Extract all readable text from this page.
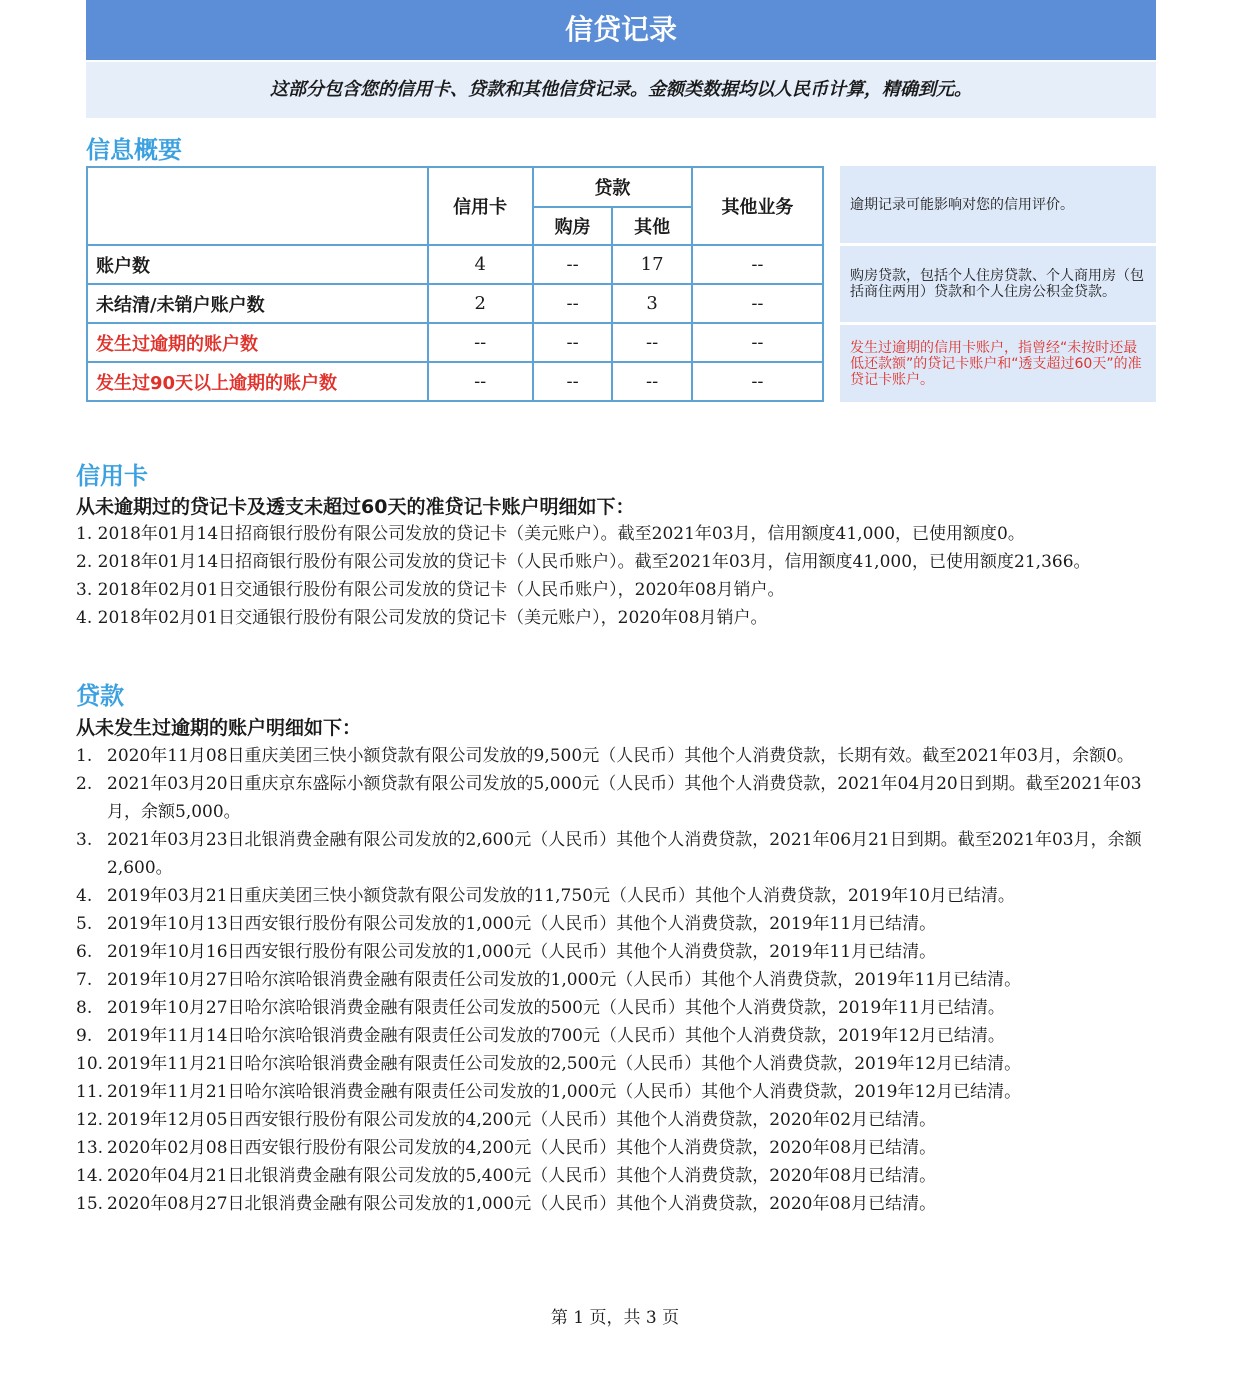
信贷记录
这部分包含您的信用卡、贷款和其他信贷记录。金额类数据均以人民币计算，精确到元。
信息概要
	信用卡	贷款		其他业务
		购房	其他	
账户数	4	--	17	--
未结清/未销户账户数	2	--	3	--
发生过逾期的账户数	--	--	--	--
发生过90天以上逾期的账户数	--	--	--	--
逾期记录可能影响对您的信用评价。
购房贷款，包括个人住房贷款、个人商用房（包括商住两用）贷款和个人住房公积金贷款。
发生过逾期的信用卡账户，指曾经“未按时还最低还款额”的贷记卡账户和“透支超过60天”的准贷记卡账户。
信用卡
从未逾期过的贷记卡及透支未超过60天的准贷记卡账户明细如下：
1. 2018年01月14日招商银行股份有限公司发放的贷记卡（美元账户）。截至2021年03月，信用额度41,000，已使用额度0。
2. 2018年01月14日招商银行股份有限公司发放的贷记卡（人民币账户）。截至2021年03月，信用额度41,000，已使用额度21,366。
3. 2018年02月01日交通银行股份有限公司发放的贷记卡（人民币账户），2020年08月销户。
4. 2018年02月01日交通银行股份有限公司发放的贷记卡（美元账户），2020年08月销户。
贷款
从未发生过逾期的账户明细如下：
1. 2020年11月08日重庆美团三快小额贷款有限公司发放的9,500元（人民币）其他个人消费贷款，长期有效。截至2021年03月，余额0。
2. 2021年03月20日重庆京东盛际小额贷款有限公司发放的5,000元（人民币）其他个人消费贷款，2021年04月20日到期。截至2021年03月，余额5,000。
3. 2021年03月23日北银消费金融有限公司发放的2,600元（人民币）其他个人消费贷款，2021年06月21日到期。截至2021年03月，余额2,600。
4. 2019年03月21日重庆美团三快小额贷款有限公司发放的11,750元（人民币）其他个人消费贷款，2019年10月已结清。
5. 2019年10月13日西安银行股份有限公司发放的1,000元（人民币）其他个人消费贷款，2019年11月已结清。
6. 2019年10月16日西安银行股份有限公司发放的1,000元（人民币）其他个人消费贷款，2019年11月已结清。
7. 2019年10月27日哈尔滨哈银消费金融有限责任公司发放的1,000元（人民币）其他个人消费贷款，2019年11月已结清。
8. 2019年10月27日哈尔滨哈银消费金融有限责任公司发放的500元（人民币）其他个人消费贷款，2019年11月已结清。
9. 2019年11月14日哈尔滨哈银消费金融有限责任公司发放的700元（人民币）其他个人消费贷款，2019年12月已结清。
10. 2019年11月21日哈尔滨哈银消费金融有限责任公司发放的2,500元（人民币）其他个人消费贷款，2019年12月已结清。
11. 2019年11月21日哈尔滨哈银消费金融有限责任公司发放的1,000元（人民币）其他个人消费贷款，2019年12月已结清。
12. 2019年12月05日西安银行股份有限公司发放的4,200元（人民币）其他个人消费贷款，2020年02月已结清。
13. 2020年02月08日西安银行股份有限公司发放的4,200元（人民币）其他个人消费贷款，2020年08月已结清。
14. 2020年04月21日北银消费金融有限公司发放的5,400元（人民币）其他个人消费贷款，2020年08月已结清。
15. 2020年08月27日北银消费金融有限公司发放的1,000元（人民币）其他个人消费贷款，2020年08月已结清。
第 1 页，共 3 页
